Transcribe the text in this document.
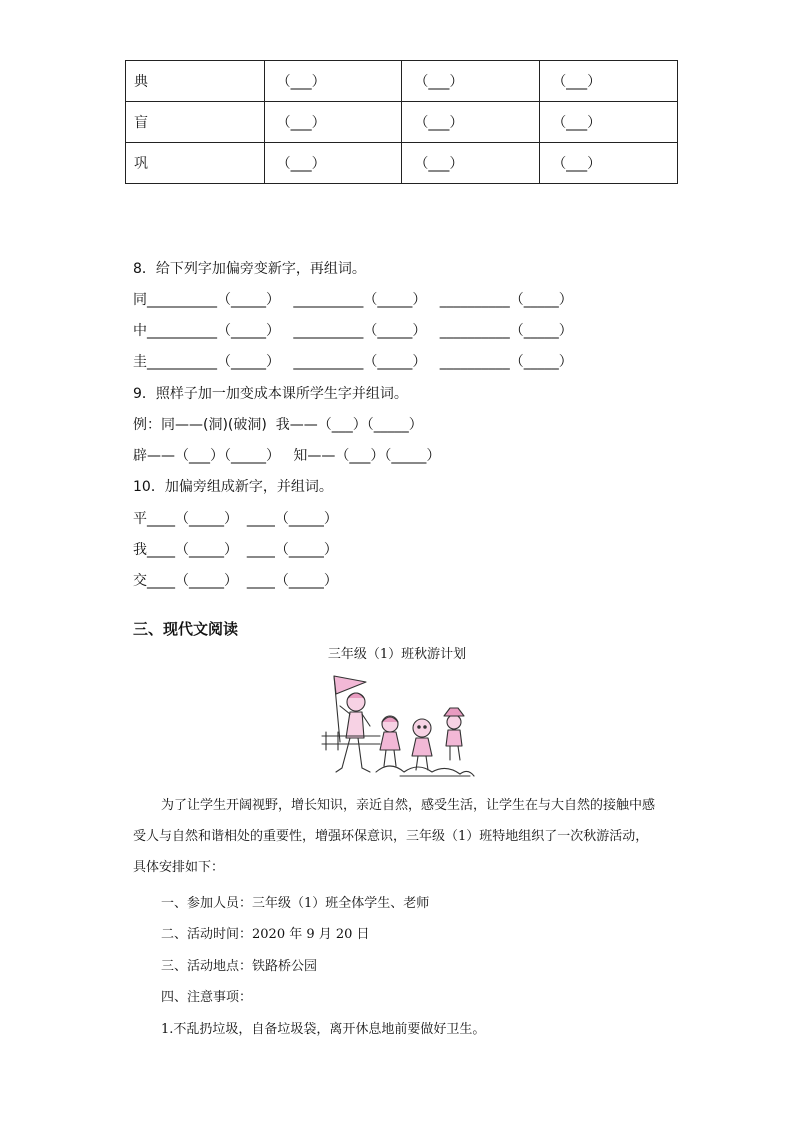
典	（___）	（___）	（___）
盲	（___）	（___）	（___）
巩	（___）	（___）	（___）
8．给下列字加偏旁变新字，再组词。
同__________（_____） __________（_____） __________（_____）
中__________（_____） __________（_____） __________（_____）
圭__________（_____） __________（_____） __________（_____）
9．照样子加一加变成本课所学生字并组词。
例：同——(洞)(破洞) 我——（___）（_____）
辟——（___）（_____） 知——（___）（_____）
10．加偏旁组成新字，并组词。
平____（_____） ____（_____）
我____（_____） ____（_____）
交____（_____） ____（_____）
三、现代文阅读
三年级（1）班秋游计划

为了让学生开阔视野，增长知识，亲近自然，感受生活，让学生在与大自然的接触中感受人与自然和谐相处的重要性，增强环保意识，三年级（1）班特地组织了一次秋游活动，具体安排如下：

一、参加人员：三年级（1）班全体学生、老师
二、活动时间：2020 年 9 月 20 日
三、活动地点：铁路桥公园
四、注意事项：
1.不乱扔垃圾，自备垃圾袋，离开休息地前要做好卫生。
